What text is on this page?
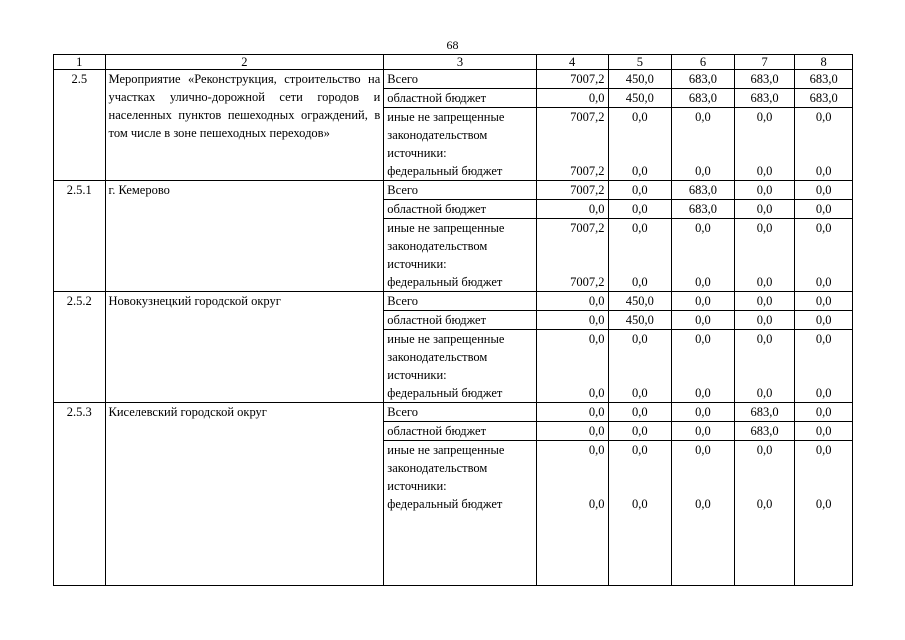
68
1	2	3	4	5	6	7	8
2.5	Мероприятие «Реконструкция, строительство на участках улично-дорожной сети городов и населенных пунктов пешеходных ограждений, в том числе в зоне пешеходных переходов»	Всего	7007,2	450,0	683,0	683,0	683,0
		областной бюджет	0,0	450,0	683,0	683,0	683,0
		иные не запрещенные законодательством источники:	7007,2	0,0	0,0	0,0	0,0
		федеральный бюджет	7007,2	0,0	0,0	0,0	0,0
2.5.1	г. Кемерово	Всего	7007,2	0,0	683,0	0,0	0,0
		областной бюджет	0,0	0,0	683,0	0,0	0,0
		иные не запрещенные законодательством источники:	7007,2	0,0	0,0	0,0	0,0
		федеральный бюджет	7007,2	0,0	0,0	0,0	0,0
2.5.2	Новокузнецкий городской округ	Всего	0,0	450,0	0,0	0,0	0,0
		областной бюджет	0,0	450,0	0,0	0,0	0,0
		иные не запрещенные законодательством источники:	0,0	0,0	0,0	0,0	0,0
		федеральный бюджет	0,0	0,0	0,0	0,0	0,0
2.5.3	Киселевский городской округ	Всего	0,0	0,0	0,0	683,0	0,0
		областной бюджет	0,0	0,0	0,0	683,0	0,0
		иные не запрещенные законодательством источники:	0,0	0,0	0,0	0,0	0,0
		федеральный бюджет	0,0	0,0	0,0	0,0	0,0
